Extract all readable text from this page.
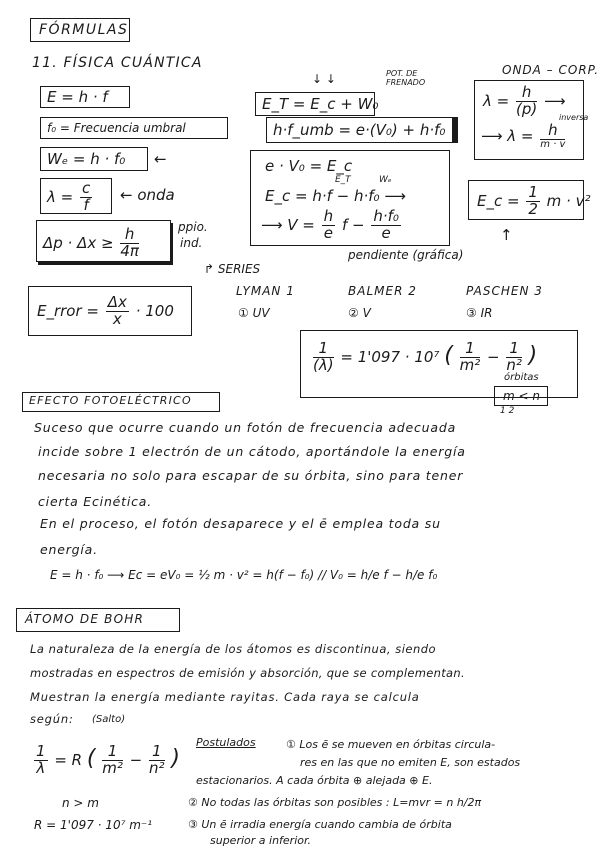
FÓRMULAS
11. FÍSICA CUÁNTICA
E = h · f
f₀ = Frecuencia umbral
Wₑ = h · f₀ ←
$\lambda = \frac{c}{f}$ ← onda
$\Delta p \cdot \Delta x \ge \frac{h}{4\pi}$	ppio.
ind.
↓ ↓	POT. DE FRENADO
E_T = E_c + W₀
h·f_umb = e·(V₀) + h·f₀
e · V₀ = E_c
E_T	Wₑ
E_c = h·f − h·f₀ ⟶
⟶ $V = \frac{h}{e}$ $f - \frac{\text{h·f₀}}{e}$
pendiente (gráfica)
ONDA – CORP.
$\lambda = \frac{h}{(p)}$ ⟶
inversa
⟶ $\lambda = \frac{h}{m \cdot v}$
E_c = $\frac{1}{2}$ m · v²
↑
↱ SERIES
LYMAN 1	BALMER 2	PASCHEN 3
① UV	② V	③ IR
E_rror = $\frac{\Delta x}{x} \cdot 100$
$\frac{1}{(\lambda)} = 1'097 \cdot 10^7$ ( $\frac{1}{\text{m²}} - \frac{1}{\text{n²}}$ )
órbitas
m < n
1 2
EFECTO FOTOELÉCTRICO
Suceso que ocurre cuando un fotón de frecuencia adecuada
incide sobre 1 electrón de un cátodo, aportándole la energía
necesaria no solo para escapar de su órbita, sino para tener
cierta Ecinética.
En el proceso, el fotón desaparece y el ē emplea toda su
energía.
E = h · f₀ ⟶ Ec = eV₀ = ½ m · v² = h(f − f₀) // V₀ = h/e f − h/e f₀
ÁTOMO DE BOHR
La naturaleza de la energía de los átomos es discontinua, siendo
mostradas en espectros de emisión y absorción, que se complementan.
Muestran la energía mediante rayitas. Cada raya se calcula
según: (Salto)
$\frac{1}{\lambda} = R$ ( $\frac{1}{\text{m²}} - \frac{1}{\text{n²}}$ )
n > m
R = 1'097 · 10⁷ m⁻¹
Postulados	① Los ē se mueven en órbitas circula-
res en las que no emiten E, son estados
estacionarios. A cada órbita ⊕ alejada ⊕ E.
② No todas las órbitas son posibles : L=mvr = n h/2π
③ Un ē irradia energía cuando cambia de órbita
superior a inferior.
